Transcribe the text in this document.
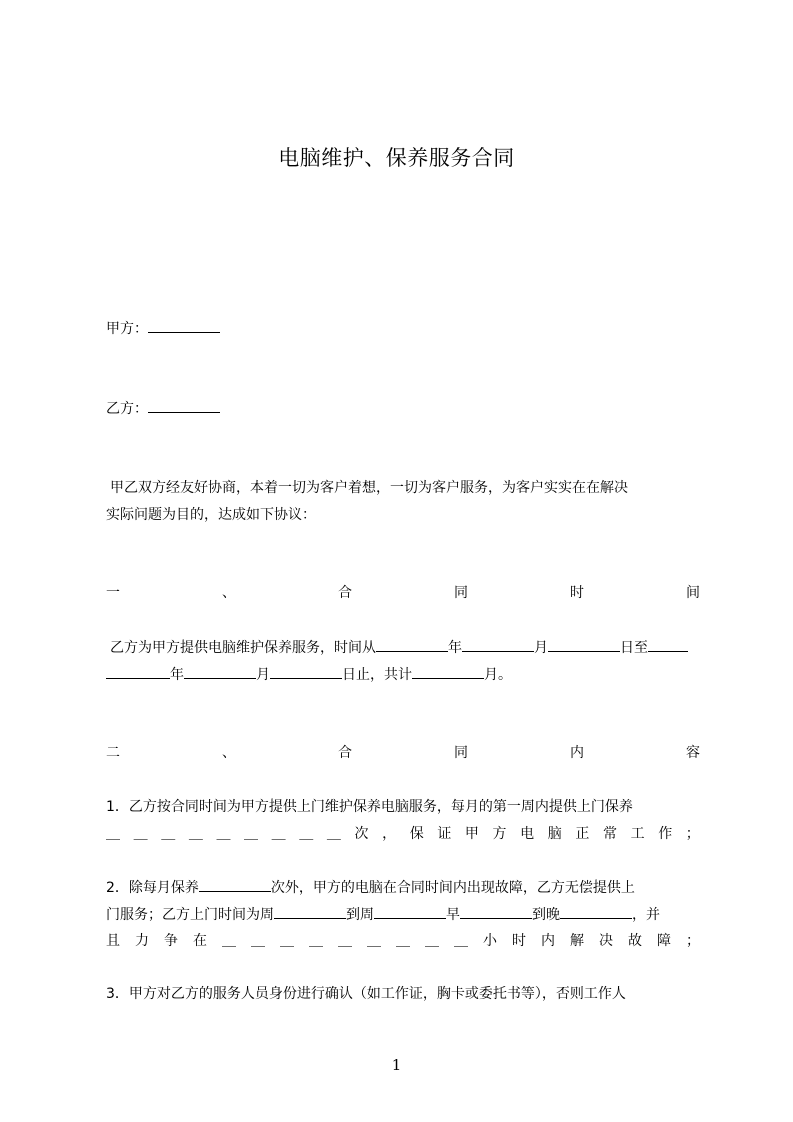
电脑维护、保养服务合同
甲方：
乙方：
甲乙双方经友好协商，本着一切为客户着想，一切为客户服务，为客户实实在在解决
实际问题为目的，达成如下协议：
一	、	合	同	时	间
乙方为甲方提供电脑维护保养服务，时间从	年	月	日至
年	月	日止，共计	月。
二	、	合	同	内	容
1．乙方按合同时间为甲方提供上门维护保养电脑服务，每月的第一周内提供上门保养
＿ ＿ ＿ ＿ ＿ ＿ ＿ ＿ ＿ 次 ， 保 证 甲 方 电 脑 正 常 工 作 ；
2．除每月保养	次外，甲方的电脑在合同时间内出现故障，乙方无偿提供上
门服务；乙方上门时间为周	到周	早	到晚	，并
且 力 争 在 ＿ ＿ ＿ ＿ ＿ ＿ ＿ ＿ ＿ 小 时 内 解 决 故 障 ；
3．甲方对乙方的服务人员身份进行确认（如工作证，胸卡或委托书等），否则工作人
1
